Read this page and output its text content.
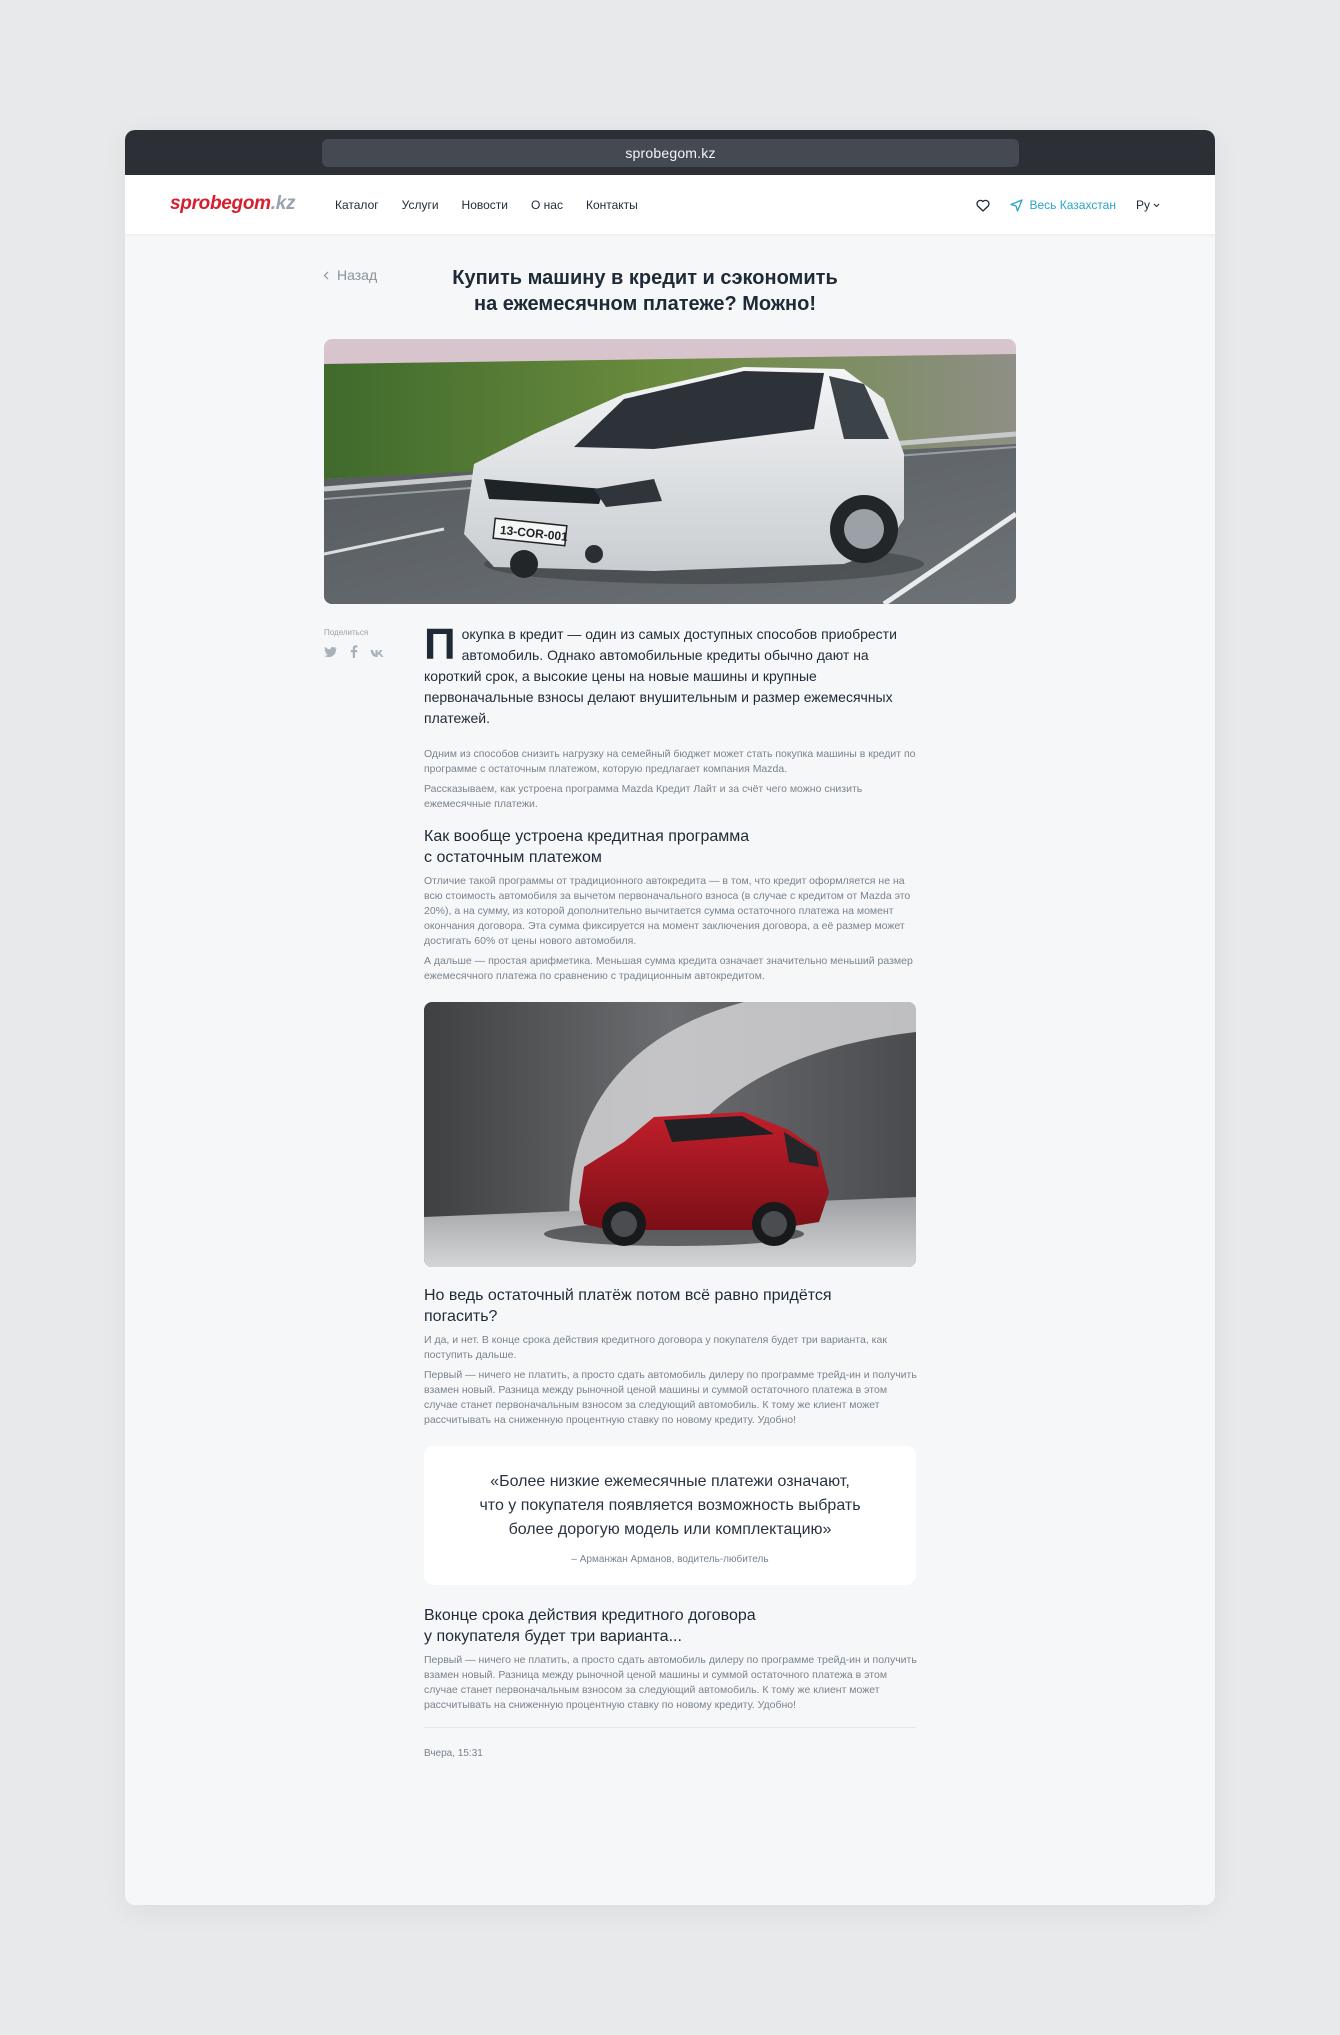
sprobegom.kz
sprobegom.kz	Каталог Услуги Новости О нас Контакты	Весь Казахстан Ру
Назад	Купить машину в кредит и сэкономить
на ежемесячном платеже? Можно!
13-COR-001
Поделиться	Покупка в кредит — один из самых доступных способов приобрести автомобиль. Однако автомобильные кредиты обычно дают на короткий срок, а высокие цены на новые машины и крупные первоначальные взносы делают внушительным и размер ежемесячных платежей.

Одним из способов снизить нагрузку на семейный бюджет может стать покупка машины в кредит по программе с остаточным платежом, которую предлагает компания Mazda.

Рассказываем, как устроена программа Mazda Кредит Лайт и за счёт чего можно снизить ежемесячные платежи.

Как вообще устроена кредитная программа
с остаточным платежом

Отличие такой программы от традиционного автокредита — в том, что кредит оформляется не на всю стоимость автомобиля за вычетом первоначального взноса (в случае с кредитом от Mazda это 20%), а на сумму, из которой дополнительно вычитается сумма остаточного платежа на момент окончания договора. Эта сумма фиксируется на момент заключения договора, а её размер может достигать 60% от цены нового автомобиля.

А дальше — простая арифметика. Меньшая сумма кредита означает значительно меньший размер ежемесячного платежа по сравнению с традиционным автокредитом.

Но ведь остаточный платёж потом всё равно придётся
погасить?

И да, и нет. В конце срока действия кредитного договора у покупателя будет три варианта, как поступить дальше.

Первый — ничего не платить, а просто сдать автомобиль дилеру по программе трейд-ин и получить взамен новый. Разница между рыночной ценой машины и суммой остаточного платежа в этом случае станет первоначальным взносом за следующий автомобиль. К тому же клиент может рассчитывать на сниженную процентную ставку по новому кредиту. Удобно!

«Более низкие ежемесячные платежи означают,
что у покупателя появляется возможность выбрать
более дорогую модель или комплектацию»
– Арманжан Арманов, водитель-любитель
Вконце срока действия кредитного договора
у покупателя будет три варианта...

Первый — ничего не платить, а просто сдать автомобиль дилеру по программе трейд-ин и получить взамен новый. Разница между рыночной ценой машины и суммой остаточного платежа в этом случае станет первоначальным взносом за следующий автомобиль. К тому же клиент может рассчитывать на сниженную процентную ставку по новому кредиту. Удобно!

Вчера, 15:31
